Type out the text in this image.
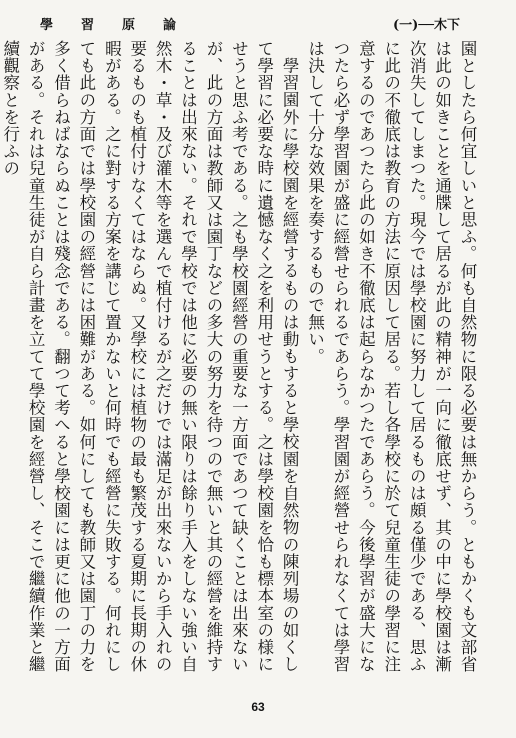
學習原論	(一)──木下

園としたら何宜しいと思ふ。何も自然物に限る必要は無からう。ともかくも文部省は此の如きことを通牒して居るが此の精神が一向に徹底せず、其の中に學校園は漸次消失してしまつた。現今では學校園に努力して居るものは頗る僅少である、思ふに此の不徹底は教育の方法に原因して居る。若し各學校に於て兒童生徒の學習に注意するのであつたら此の如き不徹底は起らなかつたであらう。今後學習が盛大になつたら必ず學習園が盛に經營せられるであらう。學習園が經營せられなくては學習は決して十分な效果を奏するもので無い。

學習園外に學校園を經營するものは動もすると學校園を自然物の陳列場の如くして學習に必要な時に遺憾なく之を利用せうとする。之は學校園を恰も標本室の様にせうと思ふ考である。之も學校園經營の重要な一方面であつて缺くことは出來ないが、此の方面は教師又は園丁などの多大の努力を待つので無いと其の經營を維持することは出來ない。それで學校では他に必要の無い限りは餘り手入をしない強い自然木・草・及び灌木等を選んで植付けるが之だけでは滿足が出來ないから手入れの要るものも植付けなくてはならぬ。又學校には植物の最も繁茂する夏期に長期の休暇がある。之に對する方案を講じて置かないと何時でも經營に失敗する。何れにしても此の方面では學校園の經營には困難がある。如何にしても教師又は園丁の力を多く借らねばならぬことは殘念である。翻つて考へると學校園には更に他の一方面がある。それは兒童生徒が自ら計畫を立てて學校園を經營し、そこで繼續作業と繼續觀察とを行ふの

63
